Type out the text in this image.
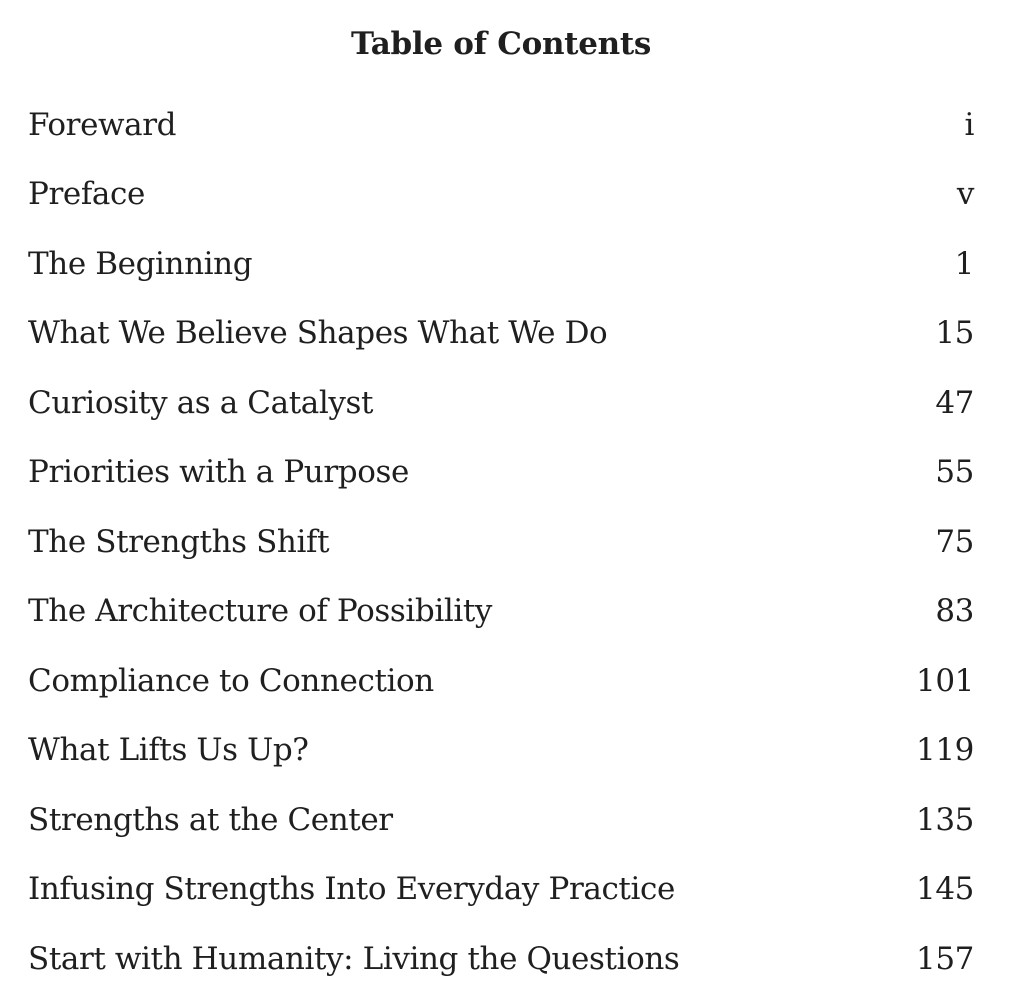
Table of Contents
Foreward	i
Preface	v
The Beginning	1
What We Believe Shapes What We Do	15
Curiosity as a Catalyst	47
Priorities with a Purpose	55
The Strengths Shift	75
The Architecture of Possibility	83
Compliance to Connection	101
What Lifts Us Up?	119
Strengths at the Center	135
Infusing Strengths Into Everyday Practice	145
Start with Humanity: Living the Questions	157
